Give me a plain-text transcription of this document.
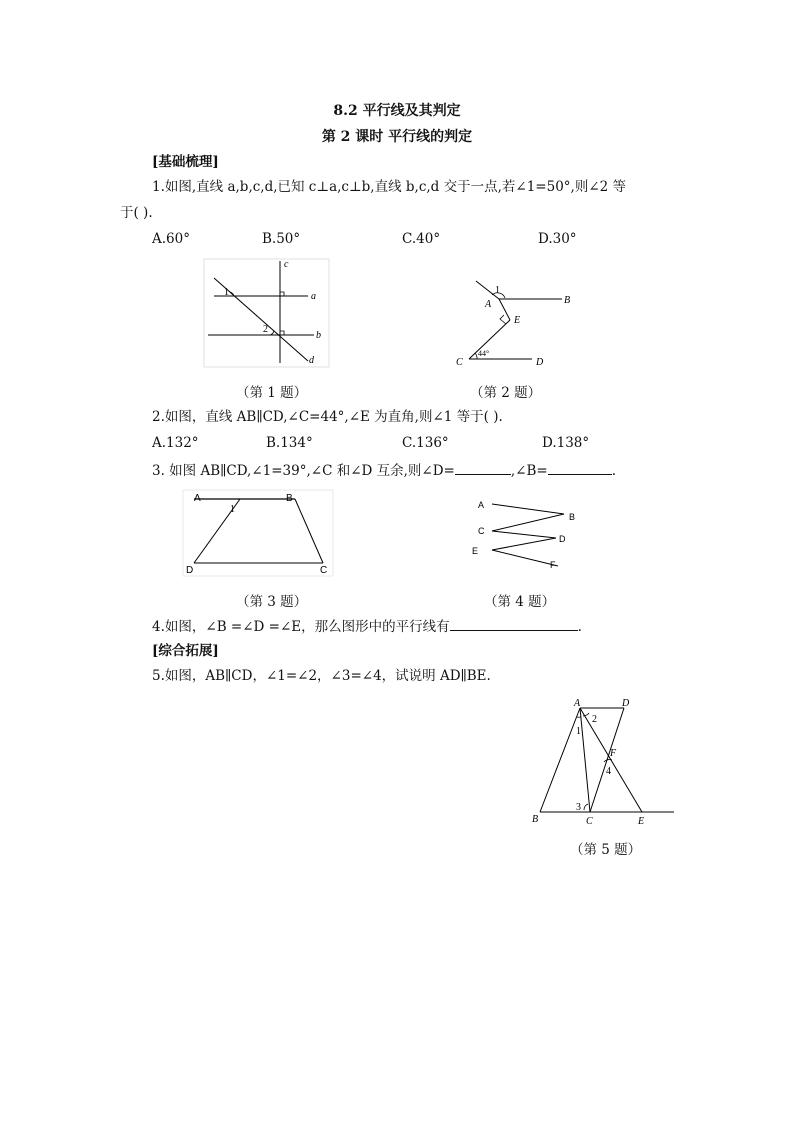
8.2 平行线及其判定
第 2 课时 平行线的判定
[基础梳理]
1.如图,直线 a,b,c,d,已知 c⊥a,c⊥b,直线 b,c,d 交于一点,若∠1=50°,则∠2 等
于( ).
A.60°	B.50°	C.40°	D.30°
c
a
b
d
1
2
（第 1 题）
1
A	B
E
C
44°
D
（第 2 题）
2.如图，直线 AB∥CD,∠C=44°,∠E 为直角,则∠1 等于( ).
A.132°	B.134°	C.136°	D.138°
3. 如图 AB∥CD,∠1=39°,∠C 和∠D 互余,则∠D=	,∠B=	.
A
1
B
D	C
（第 3 题）
A
B
C
D
E
F
（第 4 题）
4.如图，∠B =∠D =∠E，那么图形中的平行线有	.
[综合拓展]
5.如图，AB∥CD，∠1=∠2，∠3=∠4，试说明 AD∥BE.
A	D
2
1
F
4
3
B	C	E
（第 5 题）
